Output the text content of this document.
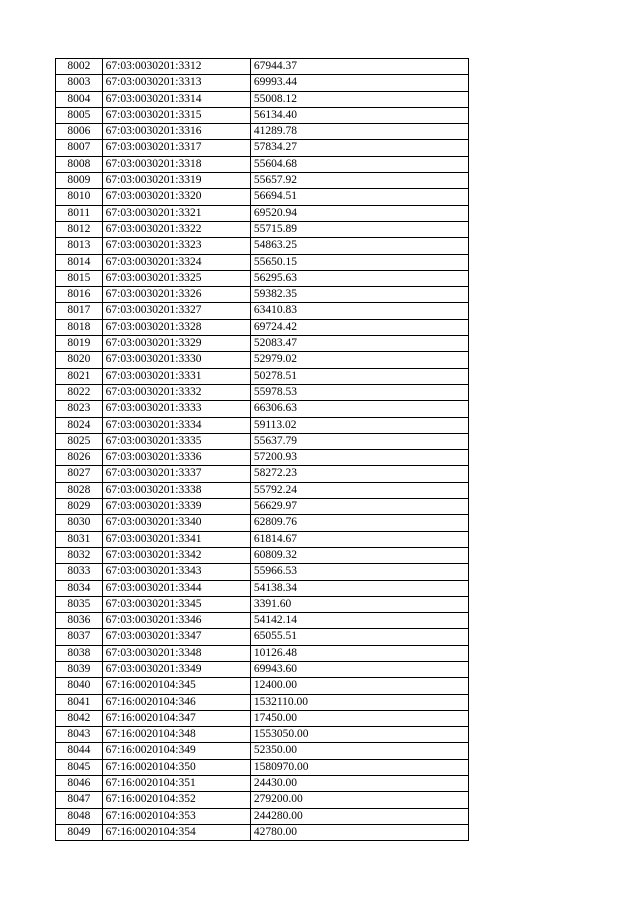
8002	67:03:0030201:3312	67944.37
8003	67:03:0030201:3313	69993.44
8004	67:03:0030201:3314	55008.12
8005	67:03:0030201:3315	56134.40
8006	67:03:0030201:3316	41289.78
8007	67:03:0030201:3317	57834.27
8008	67:03:0030201:3318	55604.68
8009	67:03:0030201:3319	55657.92
8010	67:03:0030201:3320	56694.51
8011	67:03:0030201:3321	69520.94
8012	67:03:0030201:3322	55715.89
8013	67:03:0030201:3323	54863.25
8014	67:03:0030201:3324	55650.15
8015	67:03:0030201:3325	56295.63
8016	67:03:0030201:3326	59382.35
8017	67:03:0030201:3327	63410.83
8018	67:03:0030201:3328	69724.42
8019	67:03:0030201:3329	52083.47
8020	67:03:0030201:3330	52979.02
8021	67:03:0030201:3331	50278.51
8022	67:03:0030201:3332	55978.53
8023	67:03:0030201:3333	66306.63
8024	67:03:0030201:3334	59113.02
8025	67:03:0030201:3335	55637.79
8026	67:03:0030201:3336	57200.93
8027	67:03:0030201:3337	58272.23
8028	67:03:0030201:3338	55792.24
8029	67:03:0030201:3339	56629.97
8030	67:03:0030201:3340	62809.76
8031	67:03:0030201:3341	61814.67
8032	67:03:0030201:3342	60809.32
8033	67:03:0030201:3343	55966.53
8034	67:03:0030201:3344	54138.34
8035	67:03:0030201:3345	3391.60
8036	67:03:0030201:3346	54142.14
8037	67:03:0030201:3347	65055.51
8038	67:03:0030201:3348	10126.48
8039	67:03:0030201:3349	69943.60
8040	67:16:0020104:345	12400.00
8041	67:16:0020104:346	1532110.00
8042	67:16:0020104:347	17450.00
8043	67:16:0020104:348	1553050.00
8044	67:16:0020104:349	52350.00
8045	67:16:0020104:350	1580970.00
8046	67:16:0020104:351	24430.00
8047	67:16:0020104:352	279200.00
8048	67:16:0020104:353	244280.00
8049	67:16:0020104:354	42780.00
